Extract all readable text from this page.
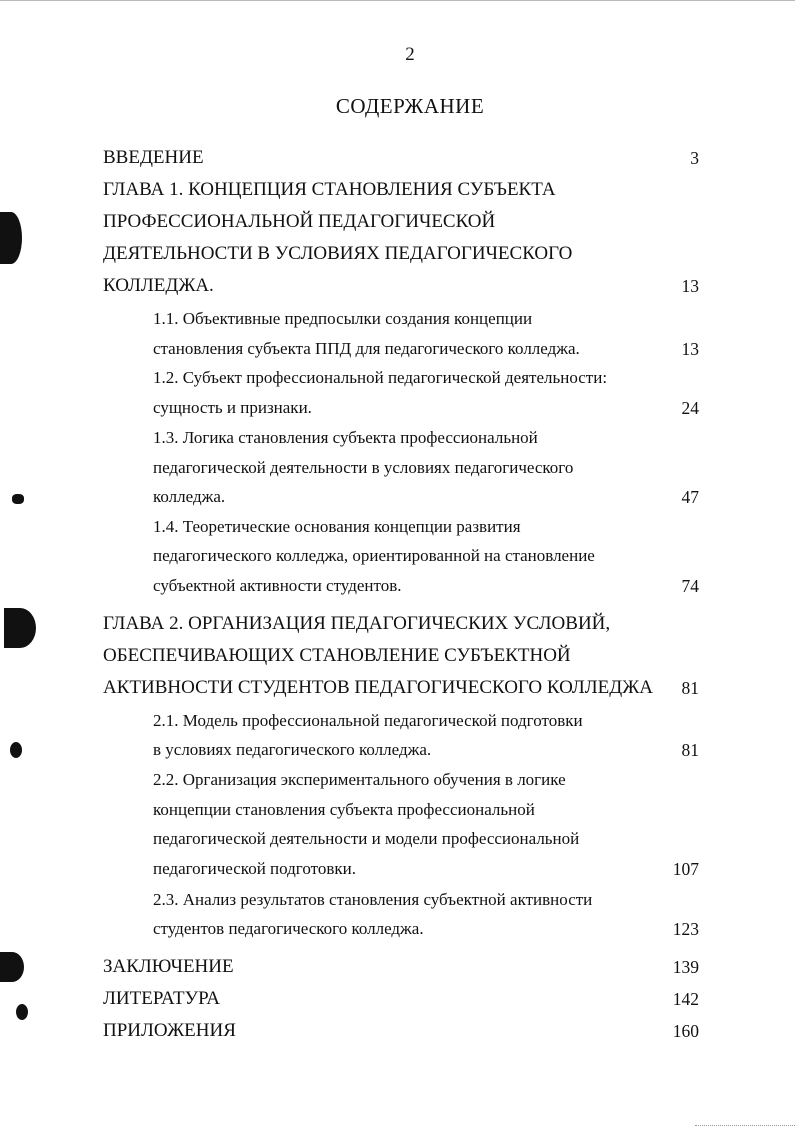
2
СОДЕРЖАНИЕ
ВВЕДЕНИЕ	3
ГЛАВА 1. КОНЦЕПЦИЯ СТАНОВЛЕНИЯ СУБЪЕКТА
ПРОФЕССИОНАЛЬНОЙ ПЕДАГОГИЧЕСКОЙ
ДЕЯТЕЛЬНОСТИ В УСЛОВИЯХ ПЕДАГОГИЧЕСКОГО
КОЛЛЕДЖА.	13
1.1. Объективные предпосылки создания концепции
становления субъекта ППД для педагогического колледжа.	13
1.2. Субъект профессиональной педагогической деятельности:
сущность и признаки.	24
1.3. Логика становления субъекта профессиональной
педагогической деятельности в условиях педагогического
колледжа.	47
1.4. Теоретические основания концепции развития
педагогического колледжа, ориентированной на становление
субъектной активности студентов.	74
ГЛАВА 2. ОРГАНИЗАЦИЯ ПЕДАГОГИЧЕСКИХ УСЛОВИЙ,
ОБЕСПЕЧИВАЮЩИХ СТАНОВЛЕНИЕ СУБЪЕКТНОЙ
АКТИВНОСТИ СТУДЕНТОВ ПЕДАГОГИЧЕСКОГО КОЛЛЕДЖА	81
2.1. Модель профессиональной педагогической подготовки
в условиях педагогического колледжа.	81
2.2. Организация экспериментального обучения в логике
концепции становления субъекта профессиональной
педагогической деятельности и модели профессиональной
педагогической подготовки.	107
2.3. Анализ результатов становления субъектной активности
студентов педагогического колледжа.	123
ЗАКЛЮЧЕНИЕ	139
ЛИТЕРАТУРА	142
ПРИЛОЖЕНИЯ	160
